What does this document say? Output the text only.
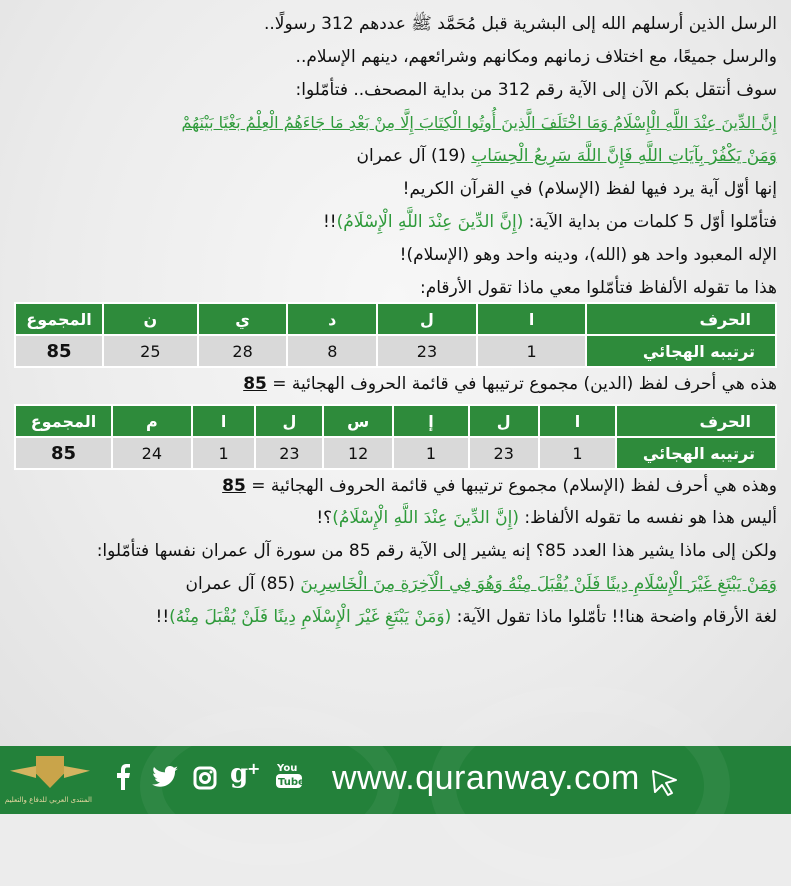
الرسل الذين أرسلهم الله إلى البشرية قبل مُحَمَّد ﷺ عددهم 312 رسولًا..
والرسل جميعًا، مع اختلاف زمانهم ومكانهم وشرائعهم، دينهم الإسلام..
سوف أنتقل بكم الآن إلى الآية رقم 312 من بداية المصحف.. فتأمّلوا:
إِنَّ الدِّينَ عِنْدَ اللَّهِ الْإِسْلَامُ وَمَا اخْتَلَفَ الَّذِينَ أُوتُوا الْكِتَابَ إِلَّا مِنْ بَعْدِ مَا جَاءَهُمُ الْعِلْمُ بَغْيًا بَيْنَهُمْ
وَمَنْ يَكْفُرْ بِآيَاتِ اللَّهِ فَإِنَّ اللَّهَ سَرِيعُ الْحِسَابِ (19) آل عمران
إنها أوّل آية يرد فيها لفظ (الإسلام) في القرآن الكريم!
فتأمّلوا أوّل 5 كلمات من بداية الآية: (إِنَّ الدِّينَ عِنْدَ اللَّهِ الْإِسْلَامُ)!!
الإله المعبود واحد هو (الله)، ودينه واحد وهو (الإسلام)!
هذا ما تقوله الألفاظ فتأمّلوا معي ماذا تقول الأرقام:
الحرف	ا	ل	د	ي	ن	المجموع
ترتيبه الهجائي	1	23	8	28	25	85
هذه هي أحرف لفظ (الدين) مجموع ترتيبها في قائمة الحروف الهجائية = 85
الحرف	ا	ل	إ	س	ل	ا	م	المجموع
ترتيبه الهجائي	1	23	1	12	23	1	24	85
وهذه هي أحرف لفظ (الإسلام) مجموع ترتيبها في قائمة الحروف الهجائية = 85
أليس هذا هو نفسه ما تقوله الألفاظ: (إِنَّ الدِّينَ عِنْدَ اللَّهِ الْإِسْلَامُ)؟!
ولكن إلى ماذا يشير هذا العدد 85؟ إنه يشير إلى الآية رقم 85 من سورة آل عمران نفسها فتأمّلوا:
وَمَنْ يَبْتَغِ غَيْرَ الْإِسْلَامِ دِينًا فَلَنْ يُقْبَلَ مِنْهُ وَهُوَ فِي الْآخِرَةِ مِنَ الْخَاسِرِينَ (85) آل عمران
لغة الأرقام واضحة هنا!! تأمّلوا ماذا تقول الآية: (وَمَنْ يَبْتَغِ غَيْرَ الْإِسْلَامِ دِينًا فَلَنْ يُقْبَلَ مِنْهُ)!!
المنتدى العربي للدفاع والتعليم
g
+ You
Tube www.quranway.com
